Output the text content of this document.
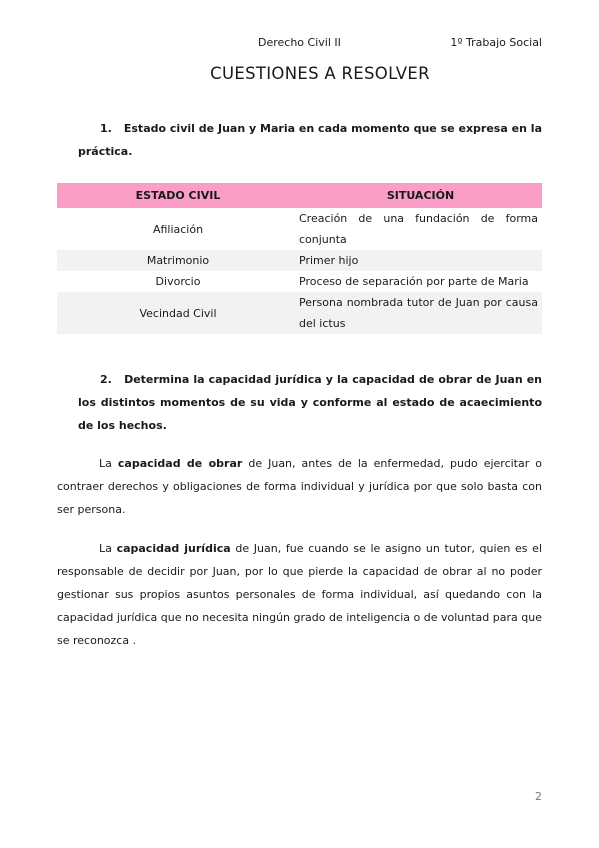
Derecho Civil II	1º Trabajo Social
CUESTIONES A RESOLVER
1. Estado civil de Juan y Maria en cada momento que se expresa en la práctica.
ESTADO CIVIL	SITUACIÓN
Afiliación	Creación de una fundación de forma conjunta
Matrimonio	Primer hijo
Divorcio	Proceso de separación por parte de Maria
Vecindad Civil	Persona nombrada tutor de Juan por causa del ictus
2. Determina la capacidad jurídica y la capacidad de obrar de Juan en los distintos momentos de su vida y conforme al estado de acaecimiento de los hechos.
La capacidad de obrar de Juan, antes de la enfermedad, pudo ejercitar o contraer derechos y obligaciones de forma individual y jurídica por que solo basta con ser persona.
La capacidad jurídica de Juan, fue cuando se le asigno un tutor, quien es el responsable de decidir por Juan, por lo que pierde la capacidad de obrar al no poder gestionar sus propios asuntos personales de forma individual, así quedando con la capacidad jurídica que no necesita ningún grado de inteligencia o de voluntad para que se reconozca .
2
